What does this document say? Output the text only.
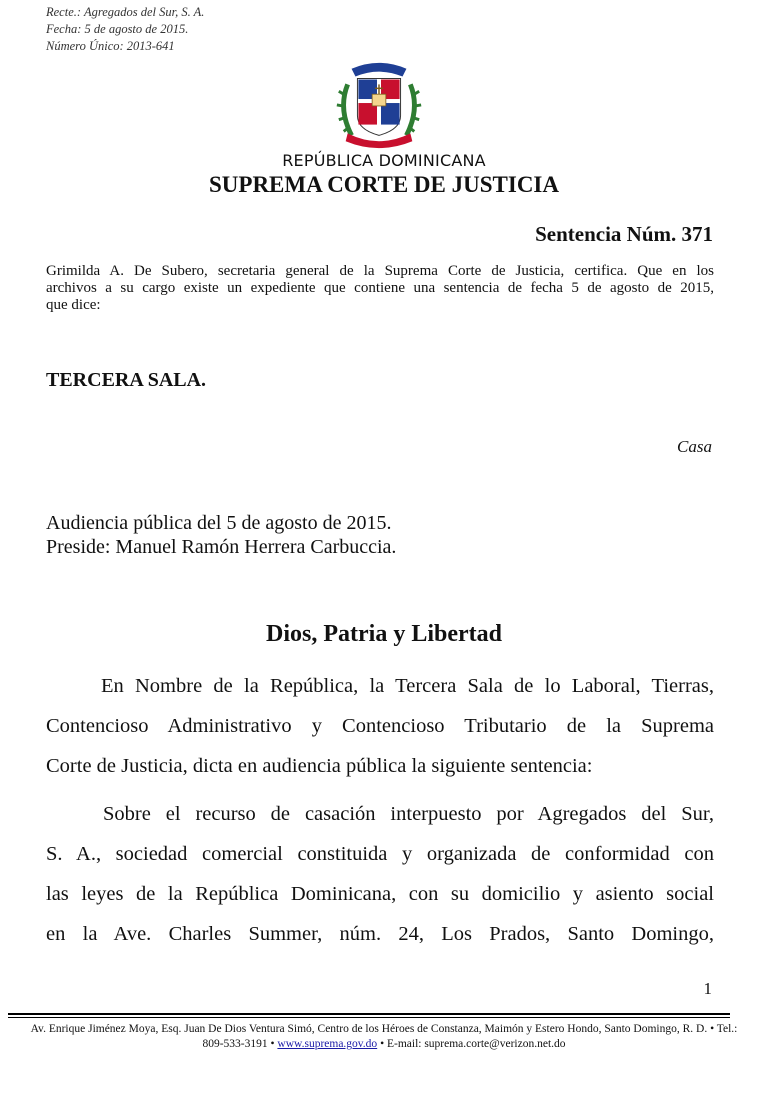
Recte.: Agregados del Sur, S. A.
Fecha: 5 de agosto de 2015.
Número Único: 2013-641
REPÚBLICA DOMINICANA
SUPREMA CORTE DE JUSTICIA
Sentencia Núm. 371
Grimilda A. De Subero, secretaria general de la Suprema Corte de Justicia, certifica. Que en los
archivos a su cargo existe un expediente que contiene una sentencia de fecha 5 de agosto de 2015,
que dice:
TERCERA SALA.
Casa
Audiencia pública del 5 de agosto de 2015.
Preside: Manuel Ramón Herrera Carbuccia.
Dios, Patria y Libertad
En Nombre de la República, la Tercera Sala de lo Laboral, Tierras,
Contencioso Administrativo y Contencioso Tributario de la Suprema
Corte de Justicia, dicta en audiencia pública la siguiente sentencia:
Sobre el recurso de casación interpuesto por Agregados del Sur,
S. A., sociedad comercial constituida y organizada de conformidad con
las leyes de la República Dominicana, con su domicilio y asiento social
en la Ave. Charles Summer, núm. 24, Los Prados, Santo Domingo,
1
Av. Enrique Jiménez Moya, Esq. Juan De Dios Ventura Simó, Centro de los Héroes de Constanza, Maimón y Estero Hondo, Santo Domingo, R. D. • Tel.:
809-533-3191 • www.suprema.gov.do • E-mail: suprema.corte@verizon.net.do
